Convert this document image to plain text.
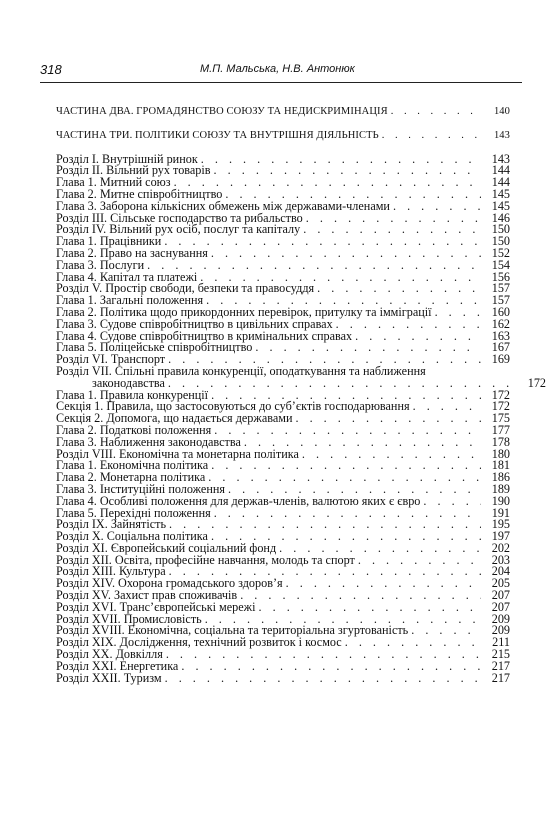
318	М.П. Мальська, Н.В. Антонюк
ЧАСТИНА ДВА. ГРОМАДЯНСТВО СОЮЗУ ТА НЕДИСКРИМІНАЦІЯ . . .	140
ЧАСТИНА ТРИ. ПОЛІТИКИ СОЮЗУ ТА ВНУТРІШНЯ ДІЯЛЬНІСТЬ . . .	143
Розділ І. Внутрішній ринок . . .	143
Розділ ІІ. Вільний рух товарів . . .	144
Глава 1. Митний союз . . .	144
Глава 2. Митне співробітництво . . .	145
Глава 3. Заборона кількісних обмежень між державами-членами . . .	145
Розділ ІІІ. Сільське господарство та рибальство . . .	146
Розділ IV. Вільний рух осіб, послуг та капіталу . . .	150
Глава 1. Працівники . . .	150
Глава 2. Право на заснування . . .	152
Глава 3. Послуги . . .	154
Глава 4. Капітал та платежі . . .	156
Розділ V. Простір свободи, безпеки та правосуддя . . .	157
Глава 1. Загальні положення . . .	157
Глава 2. Політика щодо прикордонних перевірок, притулку та імміграції . . .	160
Глава 3. Судове співробітництво в цивільних справах . . .	162
Глава 4. Судове співробітництво в кримінальних справах . . .	163
Глава 5. Поліцейське співробітництво . . .	167
Розділ VI. Транспорт . . .	169
Розділ VII. Спільні правила конкуренції, оподаткування та наближення
законодавства . . .	172
Глава 1. Правила конкуренції . . .	172
Секція 1. Правила, що застосовуються до суб’єктів господарювання . . .	172
Секція 2. Допомога, що надається державами . . .	175
Глава 2. Податкові положення . . .	177
Глава 3. Наближення законодавства . . .	178
Розділ VIII. Економічна та монетарна політика . . .	180
Глава 1. Економічна політика . . .	181
Глава 2. Монетарна політика . . .	186
Глава 3. Інституційні положення . . .	189
Глава 4. Особливі положення для держав-членів, валютою яких є євро . . .	190
Глава 5. Перехідні положення . . .	191
Розділ IX. Зайнятість . . .	195
Розділ Х. Соціальна політика . . .	197
Розділ XI. Європейський соціальний фонд . . .	202
Розділ XII. Освіта, професійне навчання, молодь та спорт . . .	203
Розділ XIII. Культура . . .	204
Розділ XIV. Охорона громадського здоров’я . . .	205
Розділ XV. Захист прав споживачів . . .	207
Розділ XVI. Транс’європейські мережі . . .	207
Розділ XVII. Промисловість . . .	209
Розділ XVIII. Економічна, соціальна та територіальна згуртованість . . .	209
Розділ XIX. Дослідження, технічний розвиток і космос . . .	211
Розділ XX. Довкілля . . .	215
Розділ XXI. Енергетика . . .	217
Розділ XXII. Туризм . . .	217
